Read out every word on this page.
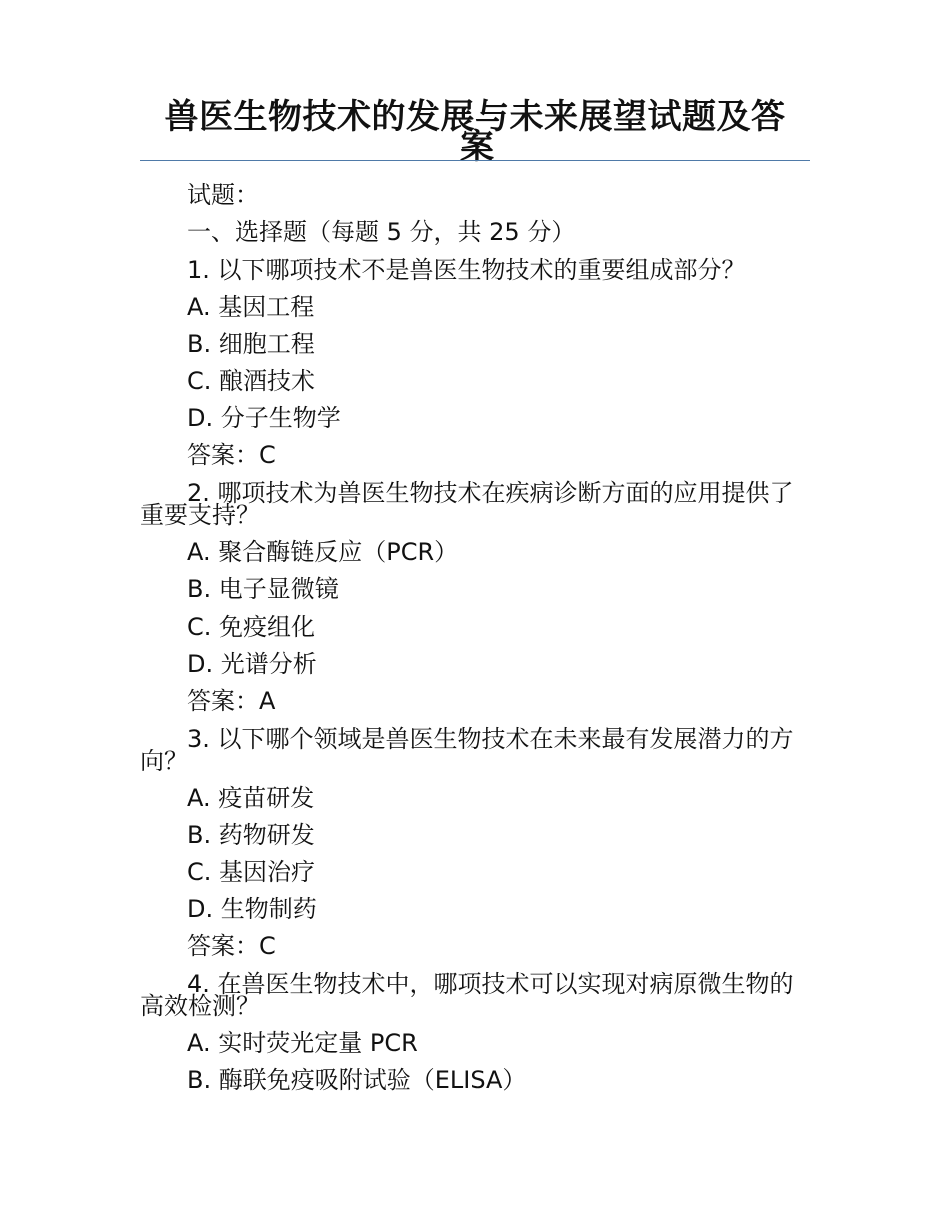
兽医生物技术的发展与未来展望试题及答
案
试题：
一、选择题（每题 5 分，共 25 分）
1. 以下哪项技术不是兽医生物技术的重要组成部分？
A. 基因工程
B. 细胞工程
C. 酿酒技术
D. 分子生物学
答案：C
2. 哪项技术为兽医生物技术在疾病诊断方面的应用提供了
重要支持？
A. 聚合酶链反应（PCR）
B. 电子显微镜
C. 免疫组化
D. 光谱分析
答案：A
3. 以下哪个领域是兽医生物技术在未来最有发展潜力的方
向？
A. 疫苗研发
B. 药物研发
C. 基因治疗
D. 生物制药
答案：C
4. 在兽医生物技术中，哪项技术可以实现对病原微生物的
高效检测？
A. 实时荧光定量 PCR
B. 酶联免疫吸附试验（ELISA）
